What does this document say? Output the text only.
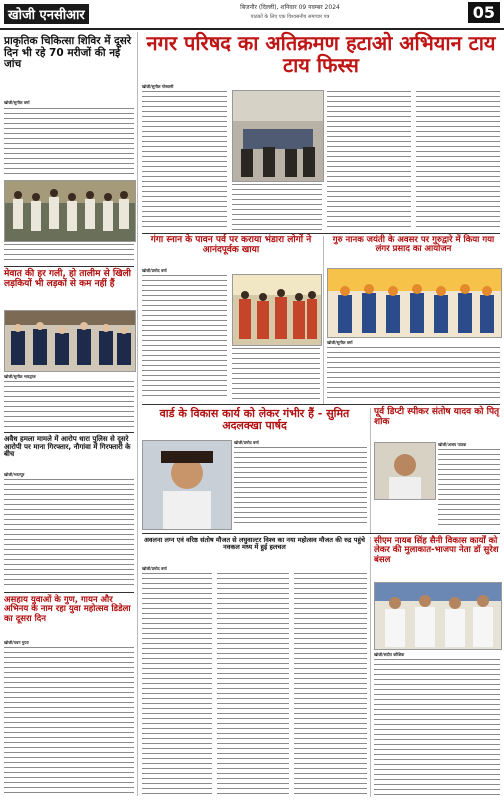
खोजी एनसीआर
बिजनौर (दिल्ली), शनिवार 09 नवम्बर 2024
पाठकों के लिए एक विश्वसनीय समाचार पत्र	05
प्राकृतिक चिकित्सा शिविर में दूसरे दिन भी रहे 70 मरीजों की नई जांच
खोजी/सुनील वर्मा
मेवात की हर गली, हो तालीम से खिली लड़कियों भी लड़कों से कम नहीं हैं
खोजी/सुनील भारद्वाज
अवैध हमला मामले में आरोप धारा पुलिस से दूसरे आरोपी पर माना गिरफ्तार, नौगांवा में गिरफ्तारी के बीच
खोजी/भरतपुर
असहाय युवाओं के गुण, गायन और अभिनय के नाम रहा युवा महोत्सव डिडेला का दूसरा दिन
खोजी/पवन गुप्ता
नगर परिषद का अतिक्रमण हटाओ अभियान टाय टाय फिस्स
खोजी/सुनील गोस्वामी
गंगा स्नान के पावन पर्व पर कराया भंडारा लोगों ने आनंदपूर्वक खाया
खोजी/प्रमोद वर्मा
गुरु नानक जयंती के अवसर पर गुरुद्वारे में किया गया लंगर प्रसाद का आयोजन
खोजी/सुनील वर्मा
वार्ड के विकास कार्य को लेकर गंभीर हैं - सुमित अदलक्खा पार्षद
खोजी/प्रमोद वर्मा
पूर्व डिप्टी स्पीकर संतोष यादव को पितृ शोक
खोजी/अजय पाठक
अवलना लग्न एवं वरिष्ठ संतोष मौजत से लघुवाल्टर विश्व का नया महोत्सव मौजत की रुद्र पहुंचे नवकल मध्य में हुई हलचल
खोजी/प्रमोद वर्मा
सीएम नायब सिंह सैनी विकास कार्यों को लेकर की मुलाकात-भाजपा नेता डॉ सुरेश बंसल
खोजी/संदीप कौशिक
